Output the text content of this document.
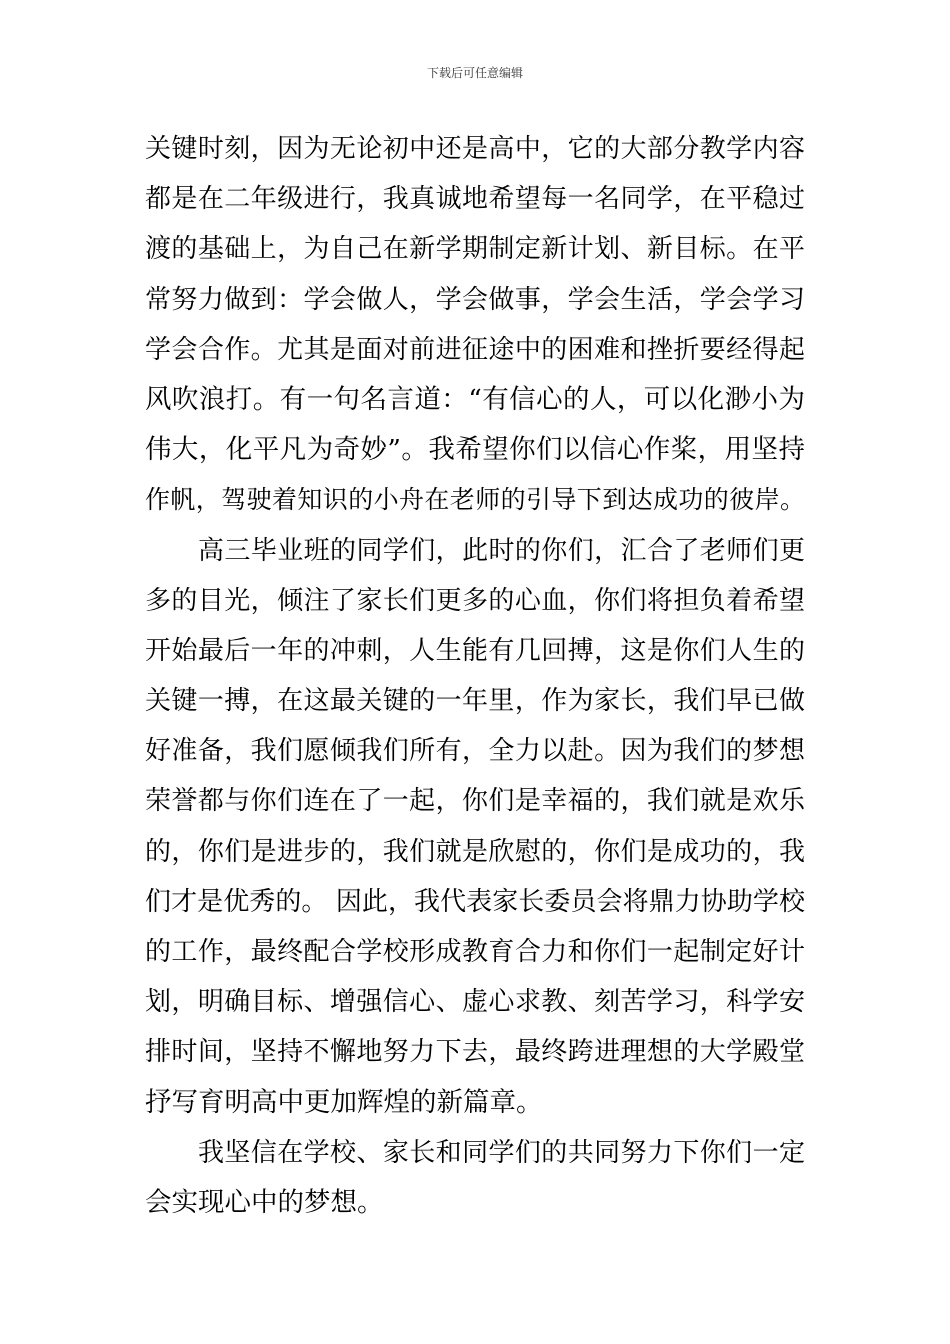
下载后可任意编辑
关键时刻，因为无论初中还是高中，它的大部分教学内容
都是在二年级进行，我真诚地希望每一名同学，在平稳过
渡的基础上，为自己在新学期制定新计划、新目标。在平
常努力做到：学会做人，学会做事，学会生活，学会学习
学会合作。尤其是面对前进征途中的困难和挫折要经得起
风吹浪打。有一句名言道：“有信心的人，可以化渺小为
伟大，化平凡为奇妙”。我希望你们以信心作桨，用坚持
作帆，驾驶着知识的小舟在老师的引导下到达成功的彼岸。
高三毕业班的同学们，此时的你们，汇合了老师们更
多的目光，倾注了家长们更多的心血，你们将担负着希望
开始最后一年的冲刺，人生能有几回搏，这是你们人生的
关键一搏，在这最关键的一年里，作为家长，我们早已做
好准备，我们愿倾我们所有，全力以赴。因为我们的梦想
荣誉都与你们连在了一起，你们是幸福的，我们就是欢乐
的，你们是进步的，我们就是欣慰的，你们是成功的，我
们才是优秀的。 因此，我代表家长委员会将鼎力协助学校
的工作，最终配合学校形成教育合力和你们一起制定好计
划，明确目标、增强信心、虚心求教、刻苦学习，科学安
排时间，坚持不懈地努力下去，最终跨进理想的大学殿堂
抒写育明高中更加辉煌的新篇章。
我坚信在学校、家长和同学们的共同努力下你们一定
会实现心中的梦想。
